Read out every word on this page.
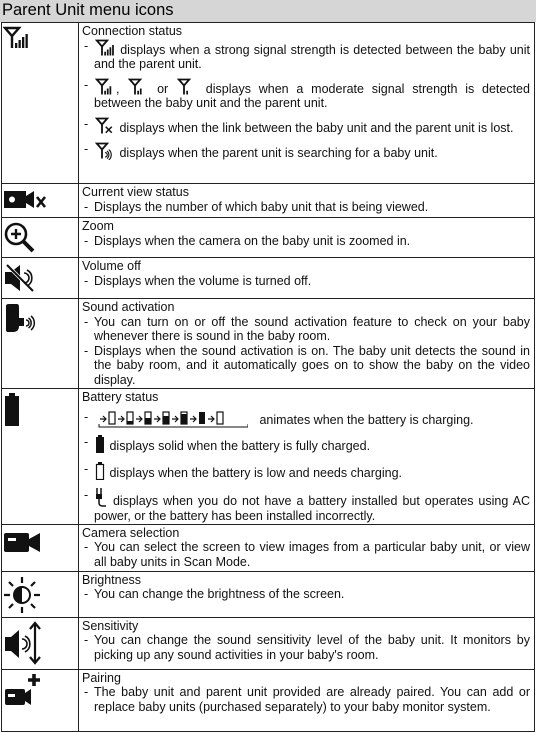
Parent Unit menu icons

Connection status

- displays when a strong signal strength is detected between the baby unit and the parent unit.

- , or displays when a moderate signal strength is detected between the baby unit and the parent unit.

- displays when the link between the baby unit and the parent unit is lost.

- displays when the parent unit is searching for a baby unit.

Current view status

- Displays the number of which baby unit that is being viewed.

Zoom

- Displays when the camera on the baby unit is zoomed in.

Volume off

- Displays when the volume is turned off.

Sound activation

- You can turn on or off the sound activation feature to check on your baby whenever there is sound in the baby room.

- Displays when the sound activation is on. The baby unit detects the sound in the baby room, and it automatically goes on to show the baby on the video display.

Battery status

- animates when the battery is charging.

- displays solid when the battery is fully charged.

- displays when the battery is low and needs charging.

- displays when you do not have a battery installed but operates using AC power, or the battery has been installed incorrectly.

Camera selection

- You can select the screen to view images from a particular baby unit, or view all baby units in Scan Mode.

Brightness

- You can change the brightness of the screen.

Sensitivity

- You can change the sound sensitivity level of the baby unit. It monitors by picking up any sound activities in your baby's room.

Pairing

- The baby unit and parent unit provided are already paired. You can add or replace baby units (purchased separately) to your baby monitor system.
